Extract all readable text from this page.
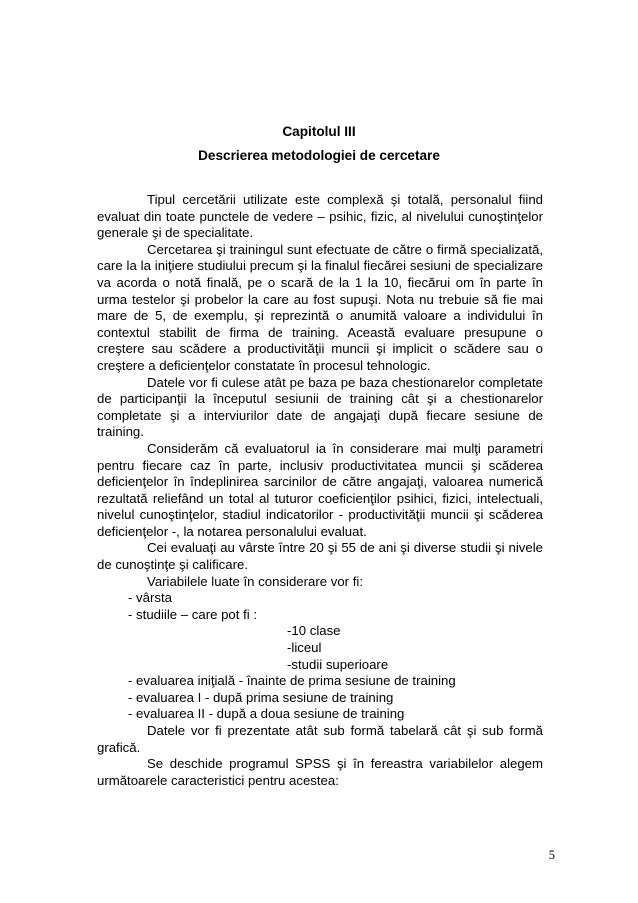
Capitolul III

Descrierea metodologiei de cercetare

Tipul cercetării utilizate este complexă şi totală, personalul fiind evaluat din toate punctele de vedere – psihic, fizic, al nivelului cunoştinţelor generale şi de specialitate.

Cercetarea şi trainingul sunt efectuate de către o firmă specializată, care la la iniţiere studiului precum şi la finalul fiecărei sesiuni de specializare va acorda o notă finală, pe o scară de la 1 la 10, fiecărui om în parte în urma testelor şi probelor la care au fost supuşi. Nota nu trebuie să fie mai mare de 5, de exemplu, şi reprezintă o anumită valoare a individului în contextul stabilit de firma de training. Această evaluare presupune o creştere sau scădere a productivităţii muncii şi implicit o scădere sau o creştere a deficienţelor constatate în procesul tehnologic.

Datele vor fi culese atât pe baza pe baza chestionarelor completate de participanţii la începutul sesiunii de training cât şi a chestionarelor completate şi a interviurilor date de angajaţi după fiecare sesiune de training.

Considerăm că evaluatorul ia în considerare mai mulţi parametri pentru fiecare caz în parte, inclusiv productivitatea muncii şi scăderea deficienţelor în îndeplinirea sarcinilor de către angajaţi, valoarea numerică rezultată reliefând un total al tuturor coeficienţilor psihici, fizici, intelectuali, nivelul cunoştinţelor, stadiul indicatorilor - productivităţii muncii şi scăderea deficienţelor -, la notarea personalului evaluat.

Cei evaluaţi au vârste între 20 şi 55 de ani şi diverse studii şi nivele de cunoştinţe şi calificare.

Variabilele luate în considerare vor fi:

- vârsta

- studiile – care pot fi :

-10 clase

-liceul

-studii superioare

- evaluarea iniţială - înainte de prima sesiune de training

- evaluarea I - după prima sesiune de training

- evaluarea II - după a doua sesiune de training

Datele vor fi prezentate atât sub formă tabelară cât şi sub formă grafică.

Se deschide programul SPSS şi în fereastra variabilelor alegem următoarele caracteristici pentru acestea:

5
